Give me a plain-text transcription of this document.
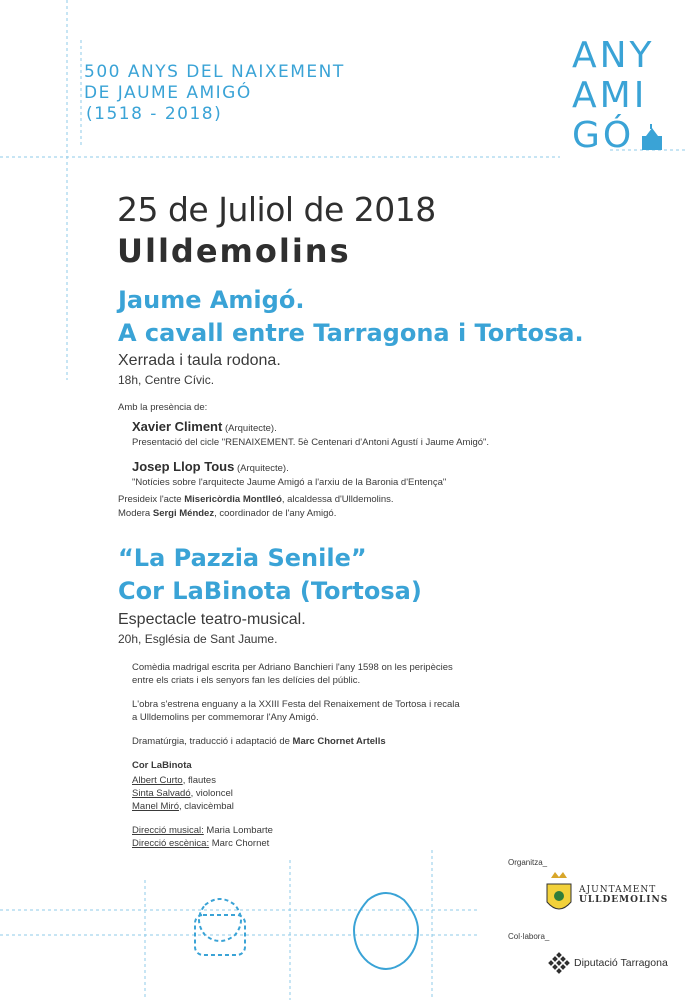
500 ANYS DEL NAIXEMENT
DE JAUME AMIGÓ
(1518 - 2018)
ANY
AMI
GÓ
25 de Juliol de 2018
Ulldemolins
Jaume Amigó.
A cavall entre Tarragona i Tortosa.
Xerrada i taula rodona.
18h, Centre Cívic.
Amb la presència de:
Xavier Climent (Arquitecte).
Presentació del cicle "RENAIXEMENT. 5è Centenari d'Antoni Agustí i Jaume Amigó".
Josep Llop Tous (Arquitecte).
"Notícies sobre l'arquitecte Jaume Amigó a l'arxiu de la Baronia d'Entença"
Presideix l'acte Misericòrdia Montlleó, alcaldessa d'Ulldemolins.
Modera Sergi Méndez, coordinador de l'any Amigó.
“La Pazzia Senile”
Cor LaBinota (Tortosa)
Espectacle teatro-musical.
20h, Església de Sant Jaume.
Comèdia madrigal escrita per Adriano Banchieri l'any 1598 on les peripècies
entre els criats i els senyors fan les delícies del públic.
L'obra s'estrena enguany a la XXIII Festa del Renaixement de Tortosa i recala
a Ulldemolins per commemorar l'Any Amigó.
Dramatúrgia, traducció i adaptació de Marc Chornet Artells
Cor LaBinota
Albert Curto, flautes
Sinta Salvadó, violoncel
Manel Miró, clavicèmbal
Direcció musical: Maria Lombarte
Direcció escènica: Marc Chornet
Organitza_
AJUNTAMENT
ULLDEMOLINS
Col·labora_
Diputació Tarragona
